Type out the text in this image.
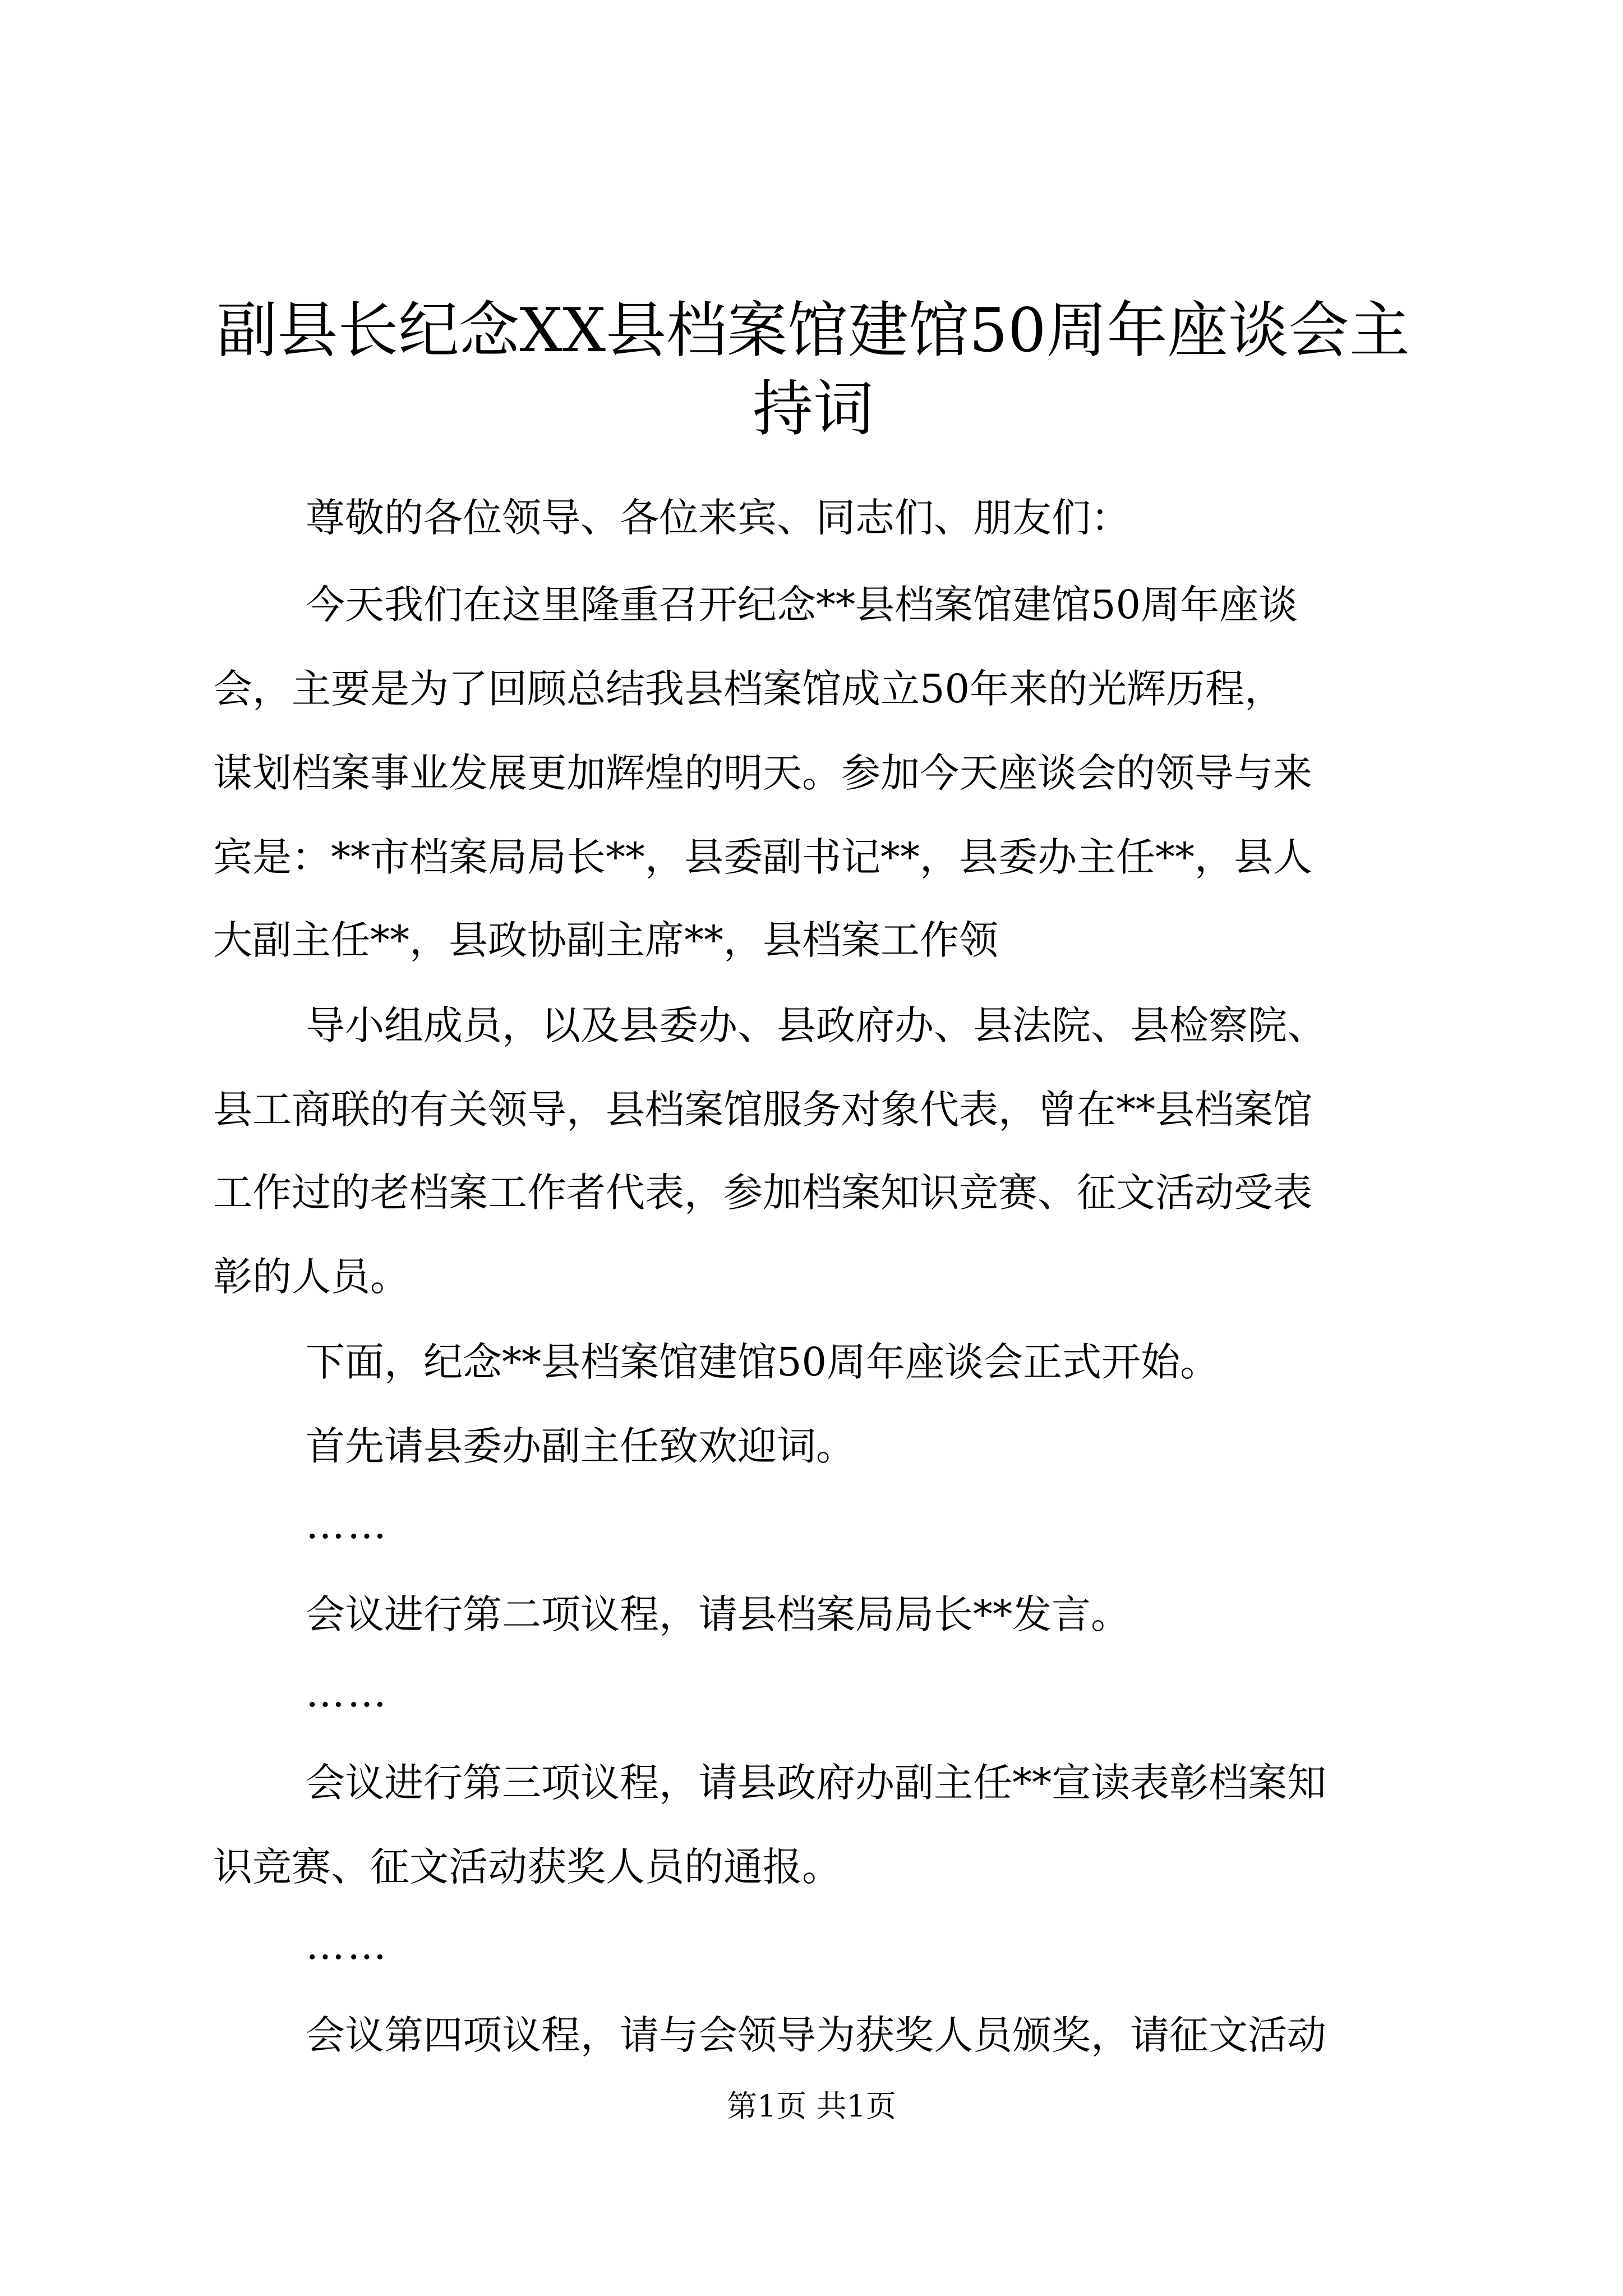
副县长纪念XX县档案馆建馆50周年座谈会主
持词

尊敬的各位领导、各位来宾、同志们、朋友们：

今天我们在这里隆重召开纪念**县档案馆建馆50周年座谈

会，主要是为了回顾总结我县档案馆成立50年来的光辉历程，

谋划档案事业发展更加辉煌的明天。参加今天座谈会的领导与来

宾是：**市档案局局长**，县委副书记**，县委办主任**，县人

大副主任**，县政协副主席**，县档案工作领

导小组成员，以及县委办、县政府办、县法院、县检察院、

县工商联的有关领导，县档案馆服务对象代表，曾在**县档案馆

工作过的老档案工作者代表，参加档案知识竞赛、征文活动受表

彰的人员。

下面，纪念**县档案馆建馆50周年座谈会正式开始。

首先请县委办副主任致欢迎词。

……

会议进行第二项议程，请县档案局局长**发言。

……

会议进行第三项议程，请县政府办副主任**宣读表彰档案知

识竞赛、征文活动获奖人员的通报。

……

会议第四项议程，请与会领导为获奖人员颁奖，请征文活动

第1页 共1页
